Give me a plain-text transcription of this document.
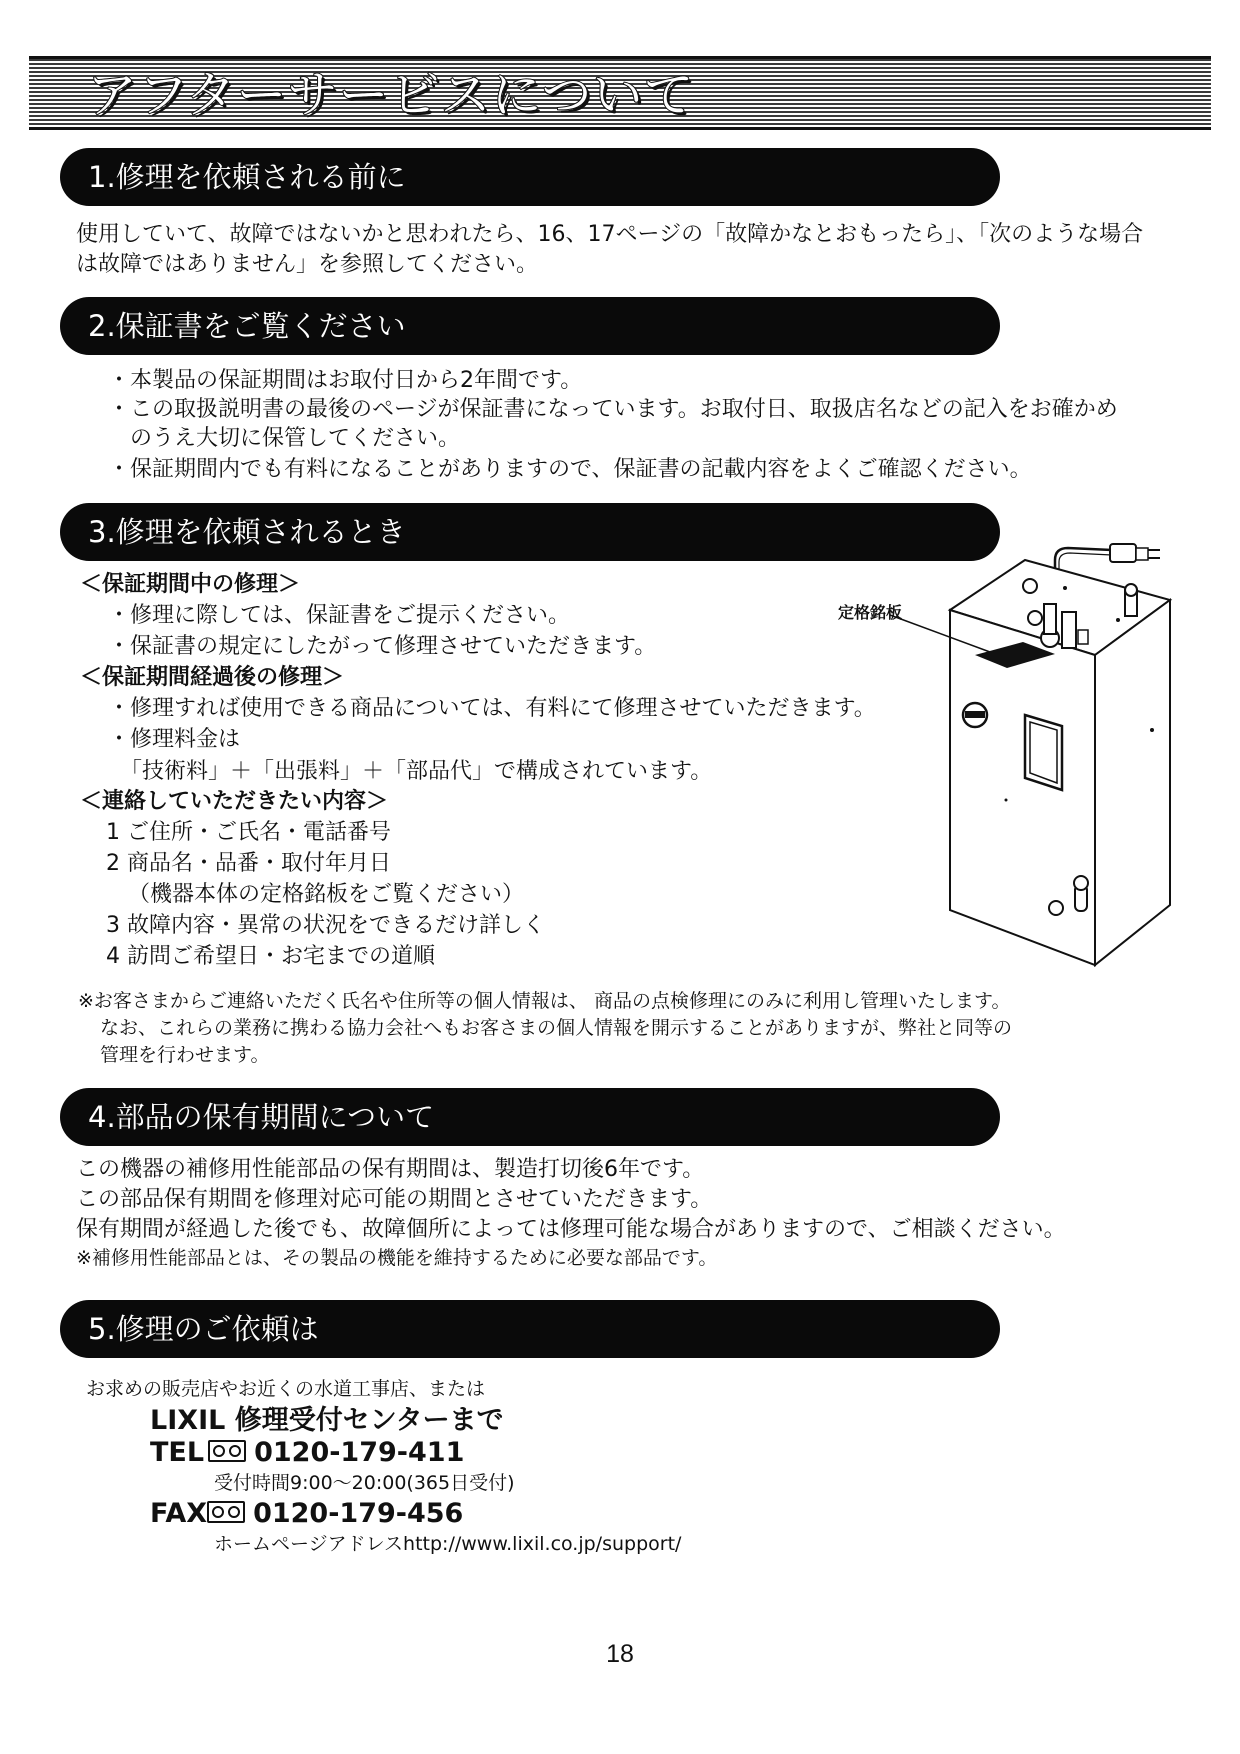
アフターサービスについて
1.修理を依頼される前に
使用していて、故障ではないかと思われたら、16、17ページの「故障かなとおもったら」、「次のような場合
は故障ではありません」を参照してください。
2.保証書をご覧ください
・本製品の保証期間はお取付日から2年間です。
・この取扱説明書の最後のページが保証書になっています。お取付日、取扱店名などの記入をお確かめ
のうえ大切に保管してください。
・保証期間内でも有料になることがありますので、保証書の記載内容をよくご確認ください。
3.修理を依頼されるとき
＜保証期間中の修理＞
・修理に際しては、保証書をご提示ください。
・保証書の規定にしたがって修理させていただきます。
＜保証期間経過後の修理＞
・修理すれば使用できる商品については、有料にて修理させていただきます。
・修理料金は
「技術料」＋「出張料」＋「部品代」で構成されています。
＜連絡していただきたい内容＞
1 ご住所・ご氏名・電話番号
2 商品名・品番・取付年月日
（機器本体の定格銘板をご覧ください）
3 故障内容・異常の状況をできるだけ詳しく
4 訪問ご希望日・お宅までの道順
定格銘板
※お客さまからご連絡いただく氏名や住所等の個人情報は、 商品の点検修理にのみに利用し管理いたします。
なお、これらの業務に携わる協力会社へもお客さまの個人情報を開示することがありますが、弊社と同等の
管理を行わせます。
4.部品の保有期間について
この機器の補修用性能部品の保有期間は、製造打切後6年です。
この部品保有期間を修理対応可能の期間とさせていただきます。
保有期間が経過した後でも、故障個所によっては修理可能な場合がありますので、ご相談ください。
※補修用性能部品とは、その製品の機能を維持するために必要な部品です。
5.修理のご依頼は
お求めの販売店やお近くの水道工事店、または
LIXIL 修理受付センターまで
TEL 0120-179-411
受付時間9:00〜20:00(365日受付)
FAX 0120-179-456
ホームページアドレスhttp://www.lixil.co.jp/support/
18
